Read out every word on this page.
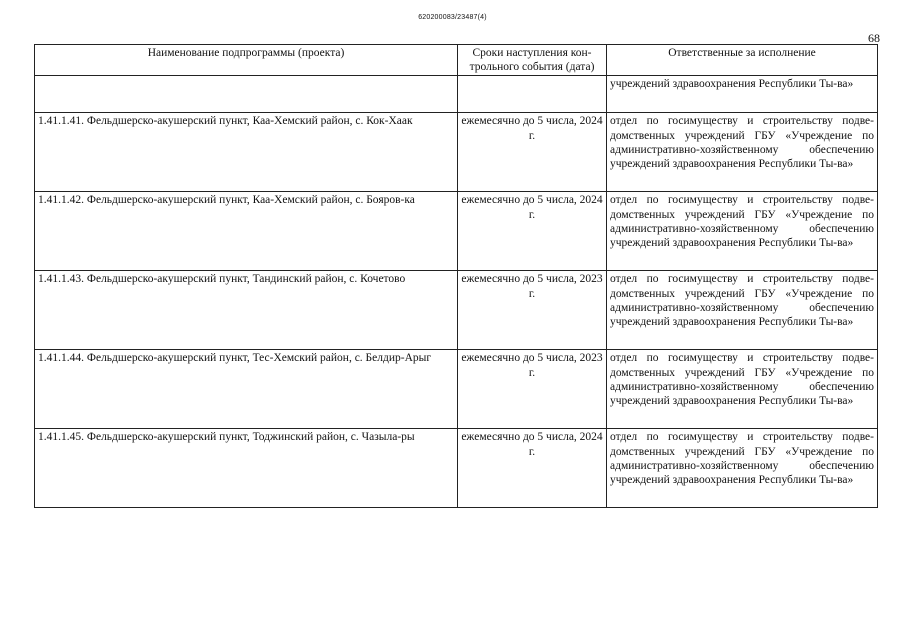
620200083/23487(4)
68
Наименование подпрограммы (проекта)	Сроки наступления кон-трольного события (дата)	Ответственные за исполнение
		учреждений здравоохранения Республики Ты-ва»
1.41.1.41. Фельдшерско-акушерский пункт, Каа-Хемский район, с. Кок-Хаак	ежемесячно до 5 числа, 2024 г.	отдел по госимуществу и строительству подве-домственных учреждений ГБУ «Учреждение по административно-хозяйственному обеспечению учреждений здравоохранения Республики Ты-ва»
1.41.1.42. Фельдшерско-акушерский пункт, Каа-Хемский район, с. Бояров-ка	ежемесячно до 5 числа, 2024 г.	отдел по госимуществу и строительству подве-домственных учреждений ГБУ «Учреждение по административно-хозяйственному обеспечению учреждений здравоохранения Республики Ты-ва»
1.41.1.43. Фельдшерско-акушерский пункт, Тандинский район, с. Кочетово	ежемесячно до 5 числа, 2023 г.	отдел по госимуществу и строительству подве-домственных учреждений ГБУ «Учреждение по административно-хозяйственному обеспечению учреждений здравоохранения Республики Ты-ва»
1.41.1.44. Фельдшерско-акушерский пункт, Тес-Хемский район, с. Белдир-Арыг	ежемесячно до 5 числа, 2023 г.	отдел по госимуществу и строительству подве-домственных учреждений ГБУ «Учреждение по административно-хозяйственному обеспечению учреждений здравоохранения Республики Ты-ва»
1.41.1.45. Фельдшерско-акушерский пункт, Тоджинский район, с. Чазыла-ры	ежемесячно до 5 числа, 2024 г.	отдел по госимуществу и строительству подве-домственных учреждений ГБУ «Учреждение по административно-хозяйственному обеспечению учреждений здравоохранения Республики Ты-ва»
